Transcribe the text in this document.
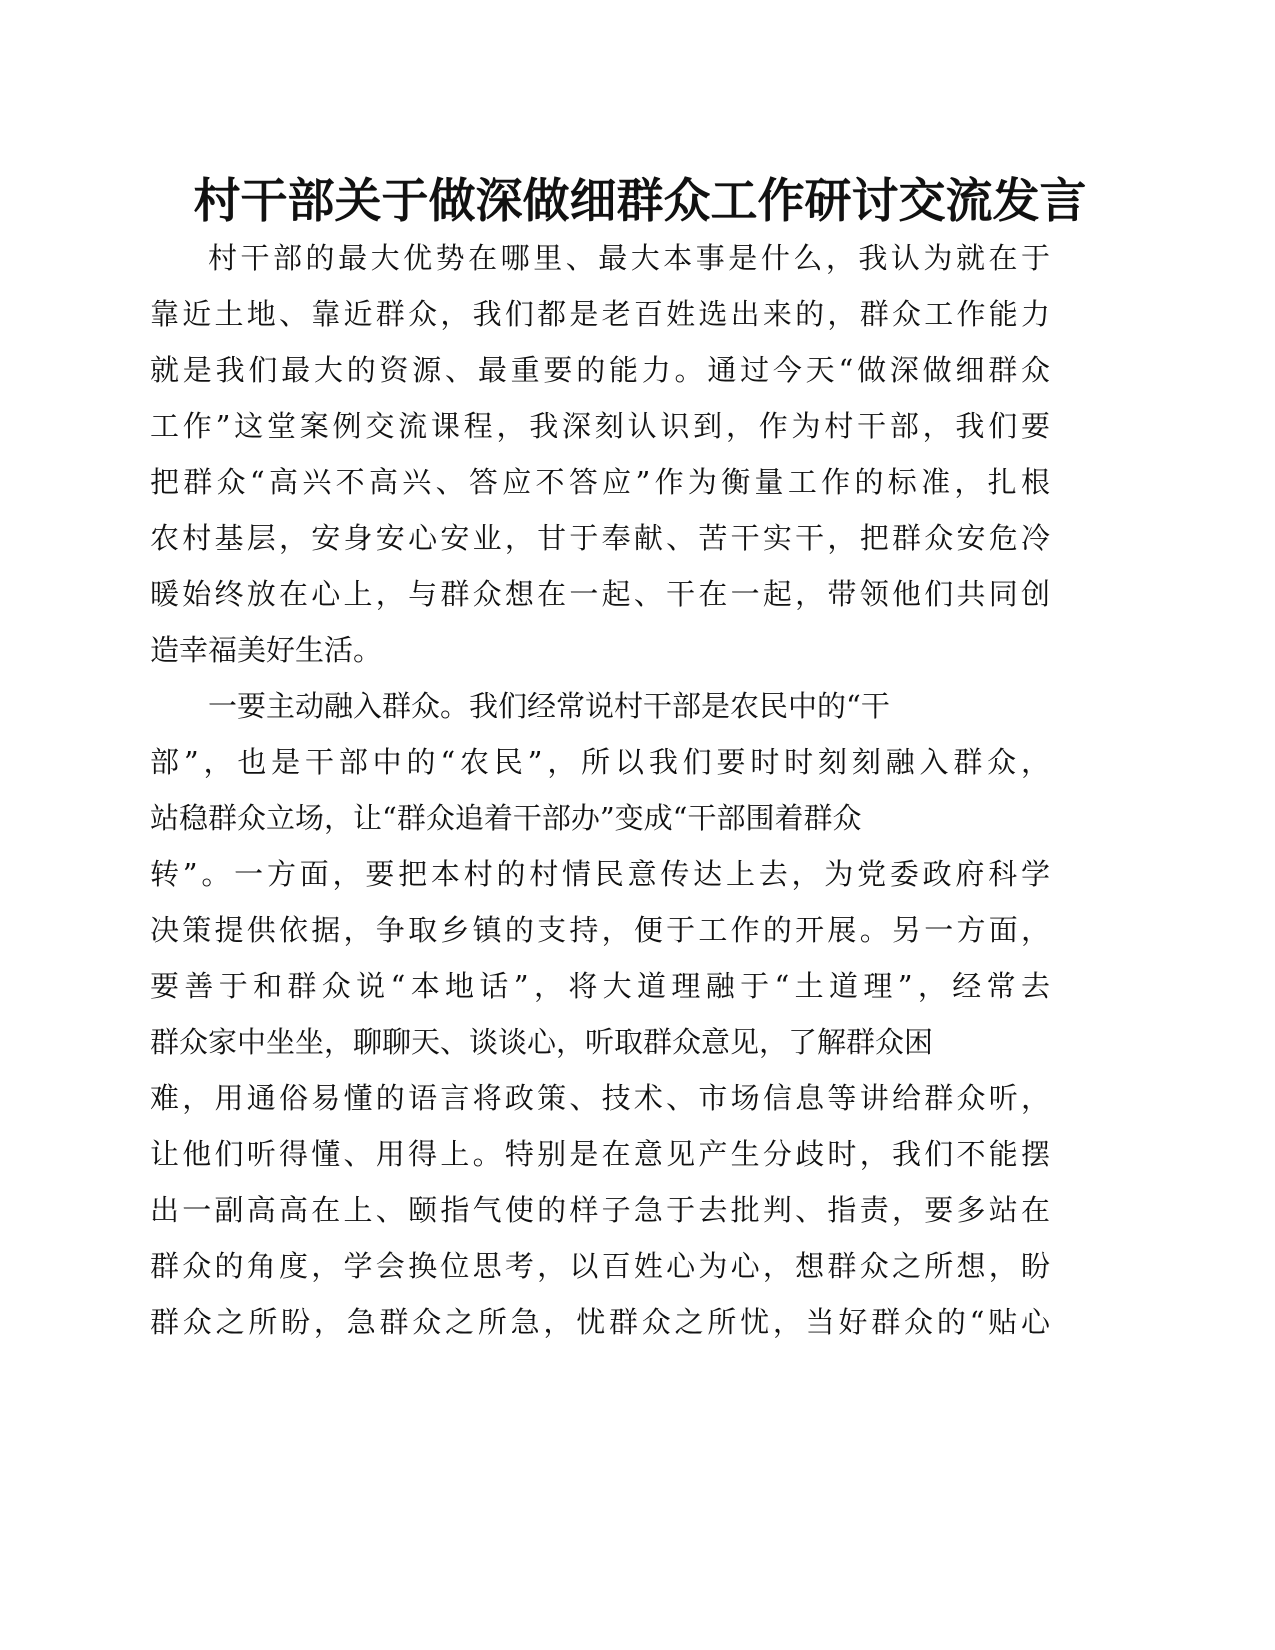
村干部关于做深做细群众工作研讨交流发言
村干部的最大优势在哪里、最大本事是什么，我认为就在于
靠近土地、靠近群众，我们都是老百姓选出来的，群众工作能力
就是我们最大的资源、最重要的能力。通过今天“做深做细群众
工作”这堂案例交流课程，我深刻认识到，作为村干部，我们要
把群众“高兴不高兴、答应不答应”作为衡量工作的标准，扎根
农村基层，安身安心安业，甘于奉献、苦干实干，把群众安危冷
暖始终放在心上，与群众想在一起、干在一起，带领他们共同创
造幸福美好生活。
一要主动融入群众。我们经常说村干部是农民中的“干
部”，也是干部中的“农民”，所以我们要时时刻刻融入群众，
站稳群众立场，让“群众追着干部办”变成“干部围着群众
转”。一方面，要把本村的村情民意传达上去，为党委政府科学
决策提供依据，争取乡镇的支持，便于工作的开展。另一方面，
要善于和群众说“本地话”，将大道理融于“土道理”，经常去
群众家中坐坐，聊聊天、谈谈心，听取群众意见，了解群众困
难，用通俗易懂的语言将政策、技术、市场信息等讲给群众听，
让他们听得懂、用得上。特别是在意见产生分歧时，我们不能摆
出一副高高在上、颐指气使的样子急于去批判、指责，要多站在
群众的角度，学会换位思考，以百姓心为心，想群众之所想，盼
群众之所盼，急群众之所急，忧群众之所忧，当好群众的“贴心
